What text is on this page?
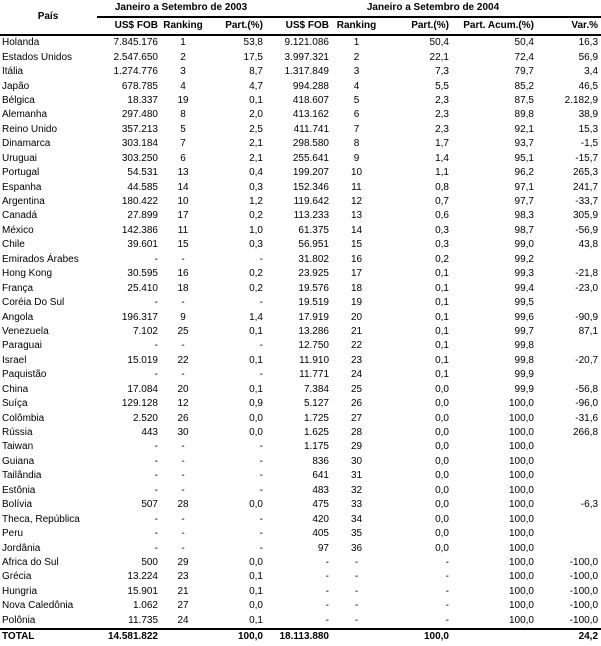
País	Janeiro a Setembro de 2003			Janeiro a Setembro de 2004				
	US$ FOB	Ranking	Part.(%)	US$ FOB	Ranking	Part.(%)	Part. Acum.(%)	Var.%
Holanda	7.845.176	1	53,8	9.121.086	1	50,4	50,4	16,3
Estados Unidos	2.547.650	2	17,5	3.997.321	2	22,1	72,4	56,9
Itália	1.274.776	3	8,7	1.317.849	3	7,3	79,7	3,4
Japão	678.785	4	4,7	994.288	4	5,5	85,2	46,5
Bélgica	18.337	19	0,1	418.607	5	2,3	87,5	2.182,9
Alemanha	297.480	8	2,0	413.162	6	2,3	89,8	38,9
Reino Unido	357.213	5	2,5	411.741	7	2,3	92,1	15,3
Dinamarca	303.184	7	2,1	298.580	8	1,7	93,7	-1,5
Uruguai	303.250	6	2,1	255.641	9	1,4	95,1	-15,7
Portugal	54.531	13	0,4	199.207	10	1,1	96,2	265,3
Espanha	44.585	14	0,3	152.346	11	0,8	97,1	241,7
Argentina	180.422	10	1,2	119.642	12	0,7	97,7	-33,7
Canadá	27.899	17	0,2	113.233	13	0,6	98,3	305,9
México	142.386	11	1,0	61.375	14	0,3	98,7	-56,9
Chile	39.601	15	0,3	56.951	15	0,3	99,0	43,8
Emirados Árabes	-	-	-	31.802	16	0,2	99,2	
Hong Kong	30.595	16	0,2	23.925	17	0,1	99,3	-21,8
França	25.410	18	0,2	19.576	18	0,1	99,4	-23,0
Coréia Do Sul	-	-	-	19.519	19	0,1	99,5	
Angola	196.317	9	1,4	17.919	20	0,1	99,6	-90,9
Venezuela	7.102	25	0,1	13.286	21	0,1	99,7	87,1
Paraguai	-	-	-	12.750	22	0,1	99,8	
Israel	15.019	22	0,1	11.910	23	0,1	99,8	-20,7
Paquistão	-	-	-	11.771	24	0,1	99,9	
China	17.084	20	0,1	7.384	25	0,0	99,9	-56,8
Suíça	129.128	12	0,9	5.127	26	0,0	100,0	-96,0
Colômbia	2.520	26	0,0	1.725	27	0,0	100,0	-31,6
Rússia	443	30	0,0	1.625	28	0,0	100,0	266,8
Taiwan	-	-	-	1.175	29	0,0	100,0	
Guiana	-	-	-	836	30	0,0	100,0	
Tailândia	-	-	-	641	31	0,0	100,0	
Estônia	-	-	-	483	32	0,0	100,0	
Bolívia	507	28	0,0	475	33	0,0	100,0	-6,3
Theca, República	-	-	-	420	34	0,0	100,0	
Peru	-	-	-	405	35	0,0	100,0	
Jordânia	-	-	-	97	36	0,0	100,0	
Africa do Sul	500	29	0,0	-	-	-	100,0	-100,0
Grécia	13.224	23	0,1	-	-	-	100,0	-100,0
Hungria	15.901	21	0,1	-	-	-	100,0	-100,0
Nova Caledônia	1.062	27	0,0	-	-	-	100,0	-100,0
Polônia	11.735	24	0,1	-	-	-	100,0	-100,0
TOTAL	14.581.822		100,0	18.113.880		100,0		24,2
